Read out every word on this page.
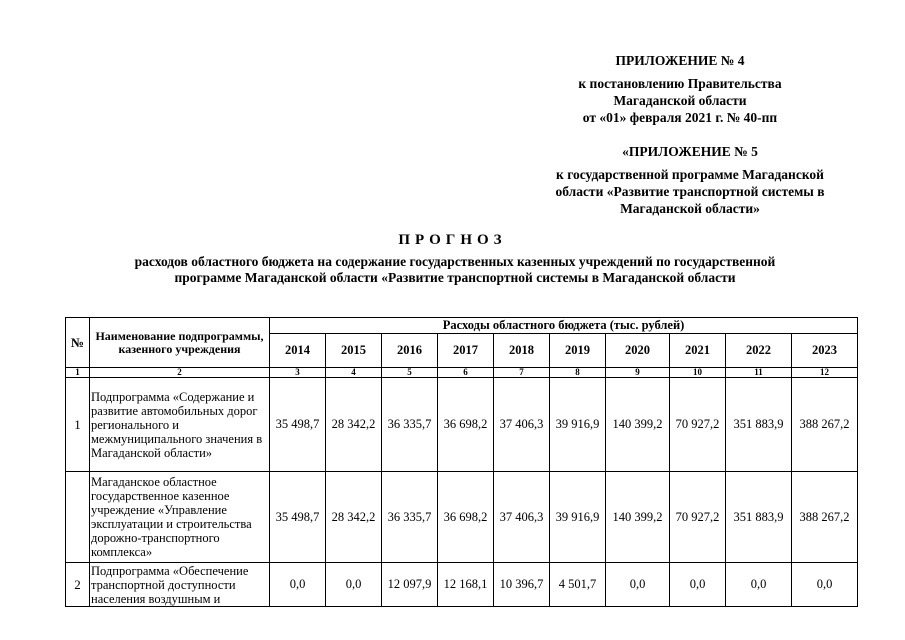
ПРИЛОЖЕНИЕ № 4
к постановлению Правительства
Магаданской области
от «01» февраля 2021 г. № 40-пп
«ПРИЛОЖЕНИЕ № 5
к государственной программе Магаданской
области «Развитие транспортной системы в
Магаданской области»
ПРОГНОЗ
расходов областного бюджета на содержание государственных казенных учреждений по государственной
программе Магаданской области «Развитие транспортной системы в Магаданской области
№	Наименование подпрограммы, казенного учреждения	Расходы областного бюджета (тыс. рублей)									
		2014	2015	2016	2017	2018	2019	2020	2021	2022	2023
1	2	3	4	5	6	7	8	9	10	11	12
1	Подпрограмма «Содержание и развитие автомобильных дорог регионального и межмуниципального значения в Магаданской области»	35 498,7	28 342,2	36 335,7	36 698,2	37 406,3	39 916,9	140 399,2	70 927,2	351 883,9	388 267,2
	Магаданское областное государственное казенное учреждение «Управление эксплуатации и строительства дорожно-транспортного комплекса»	35 498,7	28 342,2	36 335,7	36 698,2	37 406,3	39 916,9	140 399,2	70 927,2	351 883,9	388 267,2
2	Подпрограмма «Обеспечение транспортной доступности населения воздушным и	0,0	0,0	12 097,9	12 168,1	10 396,7	4 501,7	0,0	0,0	0,0	0,0
